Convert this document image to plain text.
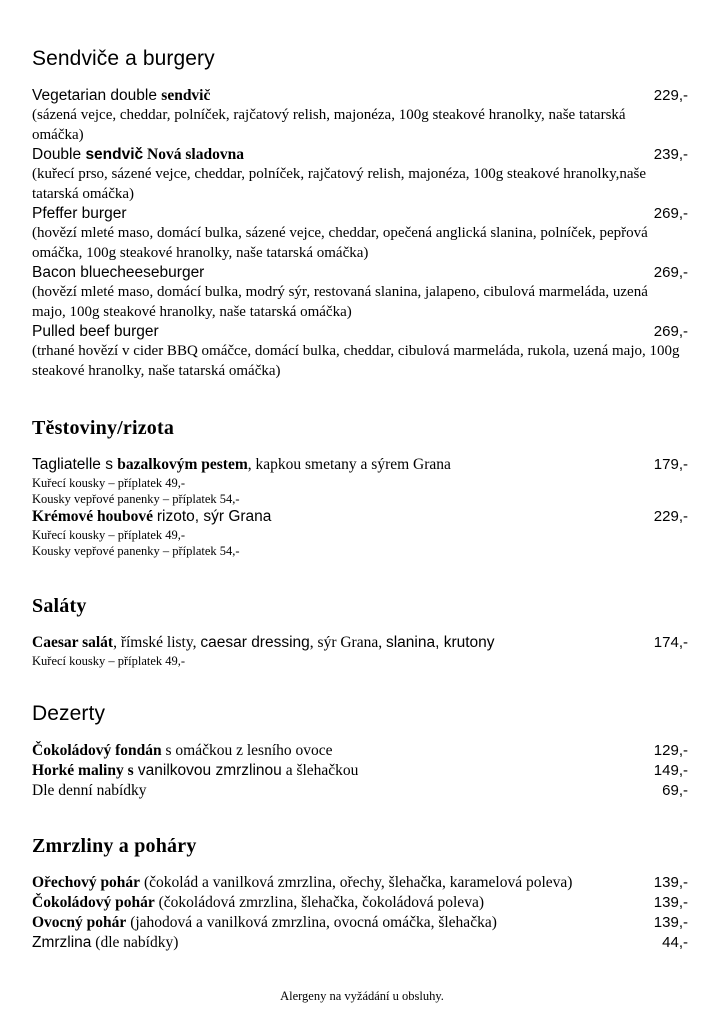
Sendviče a burgery
Vegetarian double sendvič	229,-
(sázená vejce, cheddar, polníček, rajčatový relish, majonéza, 100g steakové hranolky, naše tatarská omáčka)
Double sendvič Nová sladovna	239,-
(kuřecí prso, sázené vejce, cheddar, polníček, rajčatový relish, majonéza, 100g steakové hranolky,naše tatarská omáčka)
Pfeffer burger	269,-
(hovězí mleté maso, domácí bulka, sázené vejce, cheddar, opečená anglická slanina, polníček, pepřová omáčka, 100g steakové hranolky, naše tatarská omáčka)
Bacon bluecheeseburger	269,-
(hovězí mleté maso, domácí bulka, modrý sýr, restovaná slanina, jalapeno, cibulová marmeláda, uzená majo, 100g steakové hranolky, naše tatarská omáčka)
Pulled beef burger	269,-
(trhané hovězí v cider BBQ omáčce, domácí bulka, cheddar, cibulová marmeláda, rukola, uzená majo, 100g steakové hranolky, naše tatarská omáčka)
Těstoviny/rizota
Tagliatelle s bazalkovým pestem, kapkou smetany a sýrem Grana	179,-
Kuřecí kousky – příplatek 49,-
Kousky vepřové panenky – příplatek 54,-
Krémové houbové rizoto, sýr Grana	229,-
Kuřecí kousky – příplatek 49,-
Kousky vepřové panenky – příplatek 54,-
Saláty
Caesar salát, římské listy, caesar dressing, sýr Grana, slanina, krutony	174,-
Kuřecí kousky – příplatek 49,-
Dezerty
Čokoládový fondán s omáčkou z lesního ovoce	129,-
Horké maliny s vanilkovou zmrzlinou a šlehačkou	149,-
Dle denní nabídky	69,-
Zmrzliny a poháry
Ořechový pohár (čokolád a vanilková zmrzlina, ořechy, šlehačka, karamelová poleva)	139,-
Čokoládový pohár (čokoládová zmrzlina, šlehačka, čokoládová poleva)	139,-
Ovocný pohár (jahodová a vanilková zmrzlina, ovocná omáčka, šlehačka)	139,-
Zmrzlina (dle nabídky)	44,-
Alergeny na vyžádání u obsluhy.
